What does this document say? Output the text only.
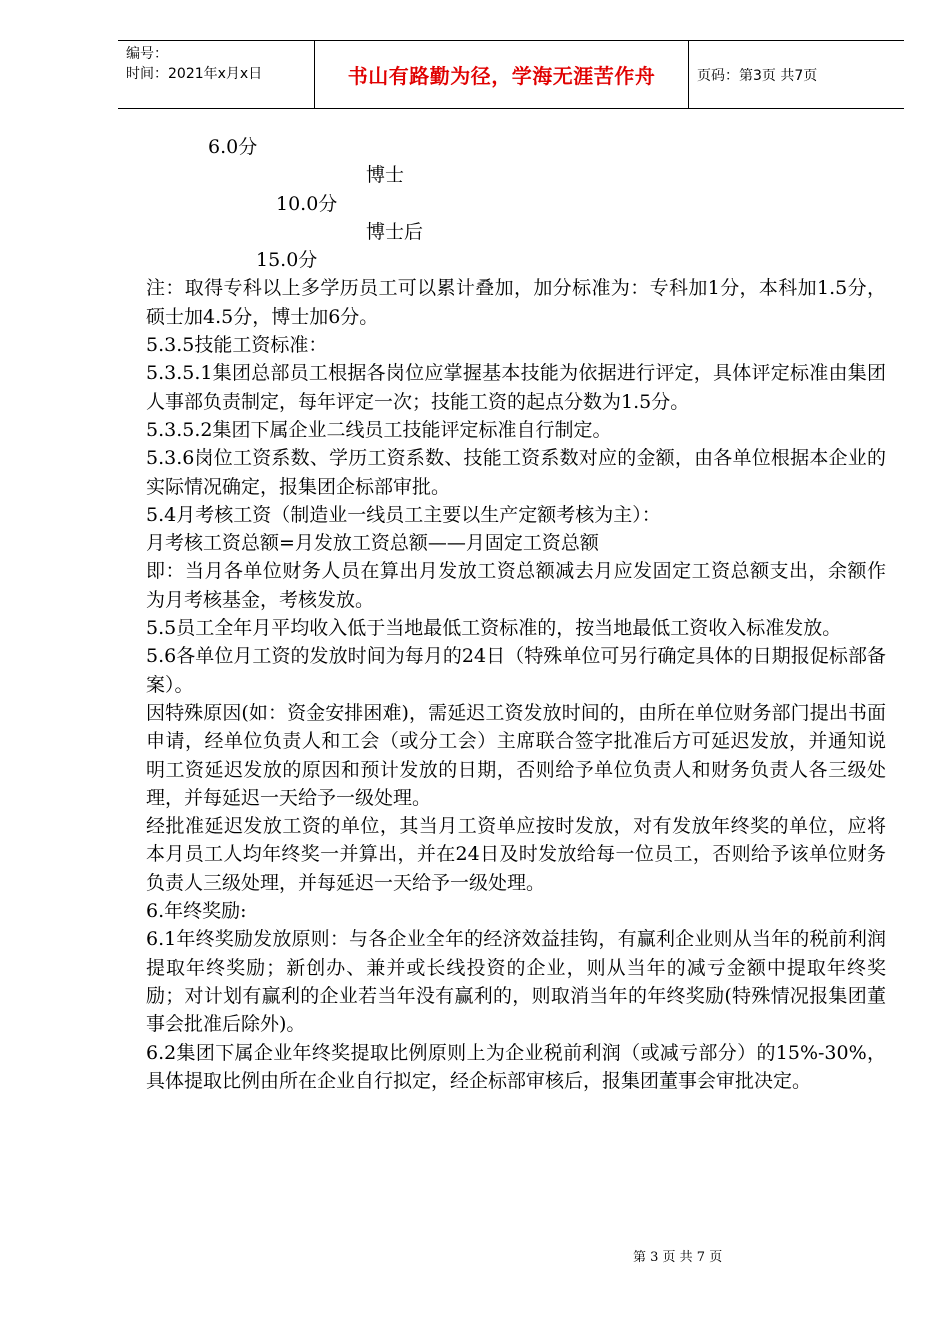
编号：
时间：2021年x月x日	书山有路勤为径，学海无涯苦作舟	页码：第3页 共7页

6.0分

博士

10.0分

博士后

15.0分

注：取得专科以上多学历员工可以累计叠加，加分标准为：专科加1分，本科加1.5分，硕士加4.5分，博士加6分。

5.3.5技能工资标准：

5.3.5.1集团总部员工根据各岗位应掌握基本技能为依据进行评定，具体评定标准由集团人事部负责制定，每年评定一次；技能工资的起点分数为1.5分。

5.3.5.2集团下属企业二线员工技能评定标准自行制定。

5.3.6岗位工资系数、学历工资系数、技能工资系数对应的金额，由各单位根据本企业的实际情况确定，报集团企标部审批。

5.4月考核工资（制造业一线员工主要以生产定额考核为主）：

月考核工资总额=月发放工资总额——月固定工资总额

即：当月各单位财务人员在算出月发放工资总额减去月应发固定工资总额支出，余额作为月考核基金，考核发放。

5.5员工全年月平均收入低于当地最低工资标准的，按当地最低工资收入标准发放。

5.6各单位月工资的发放时间为每月的24日（特殊单位可另行确定具体的日期报促标部备案）。

因特殊原因(如：资金安排困难)，需延迟工资发放时间的，由所在单位财务部门提出书面申请，经单位负责人和工会（或分工会）主席联合签字批准后方可延迟发放，并通知说明工资延迟发放的原因和预计发放的日期，否则给予单位负责人和财务负责人各三级处理，并每延迟一天给予一级处理。

经批准延迟发放工资的单位，其当月工资单应按时发放，对有发放年终奖的单位，应将本月员工人均年终奖一并算出，并在24日及时发放给每一位员工，否则给予该单位财务负责人三级处理，并每延迟一天给予一级处理。

6.年终奖励:

6.1年终奖励发放原则：与各企业全年的经济效益挂钩，有赢利企业则从当年的税前利润提取年终奖励；新创办、兼并或长线投资的企业，则从当年的减亏金额中提取年终奖励；对计划有赢利的企业若当年没有赢利的，则取消当年的年终奖励(特殊情况报集团董事会批准后除外)。

6.2集团下属企业年终奖提取比例原则上为企业税前利润（或减亏部分）的15%-30%，具体提取比例由所在企业自行拟定，经企标部审核后，报集团董事会审批决定。

第 3 页 共 7 页
